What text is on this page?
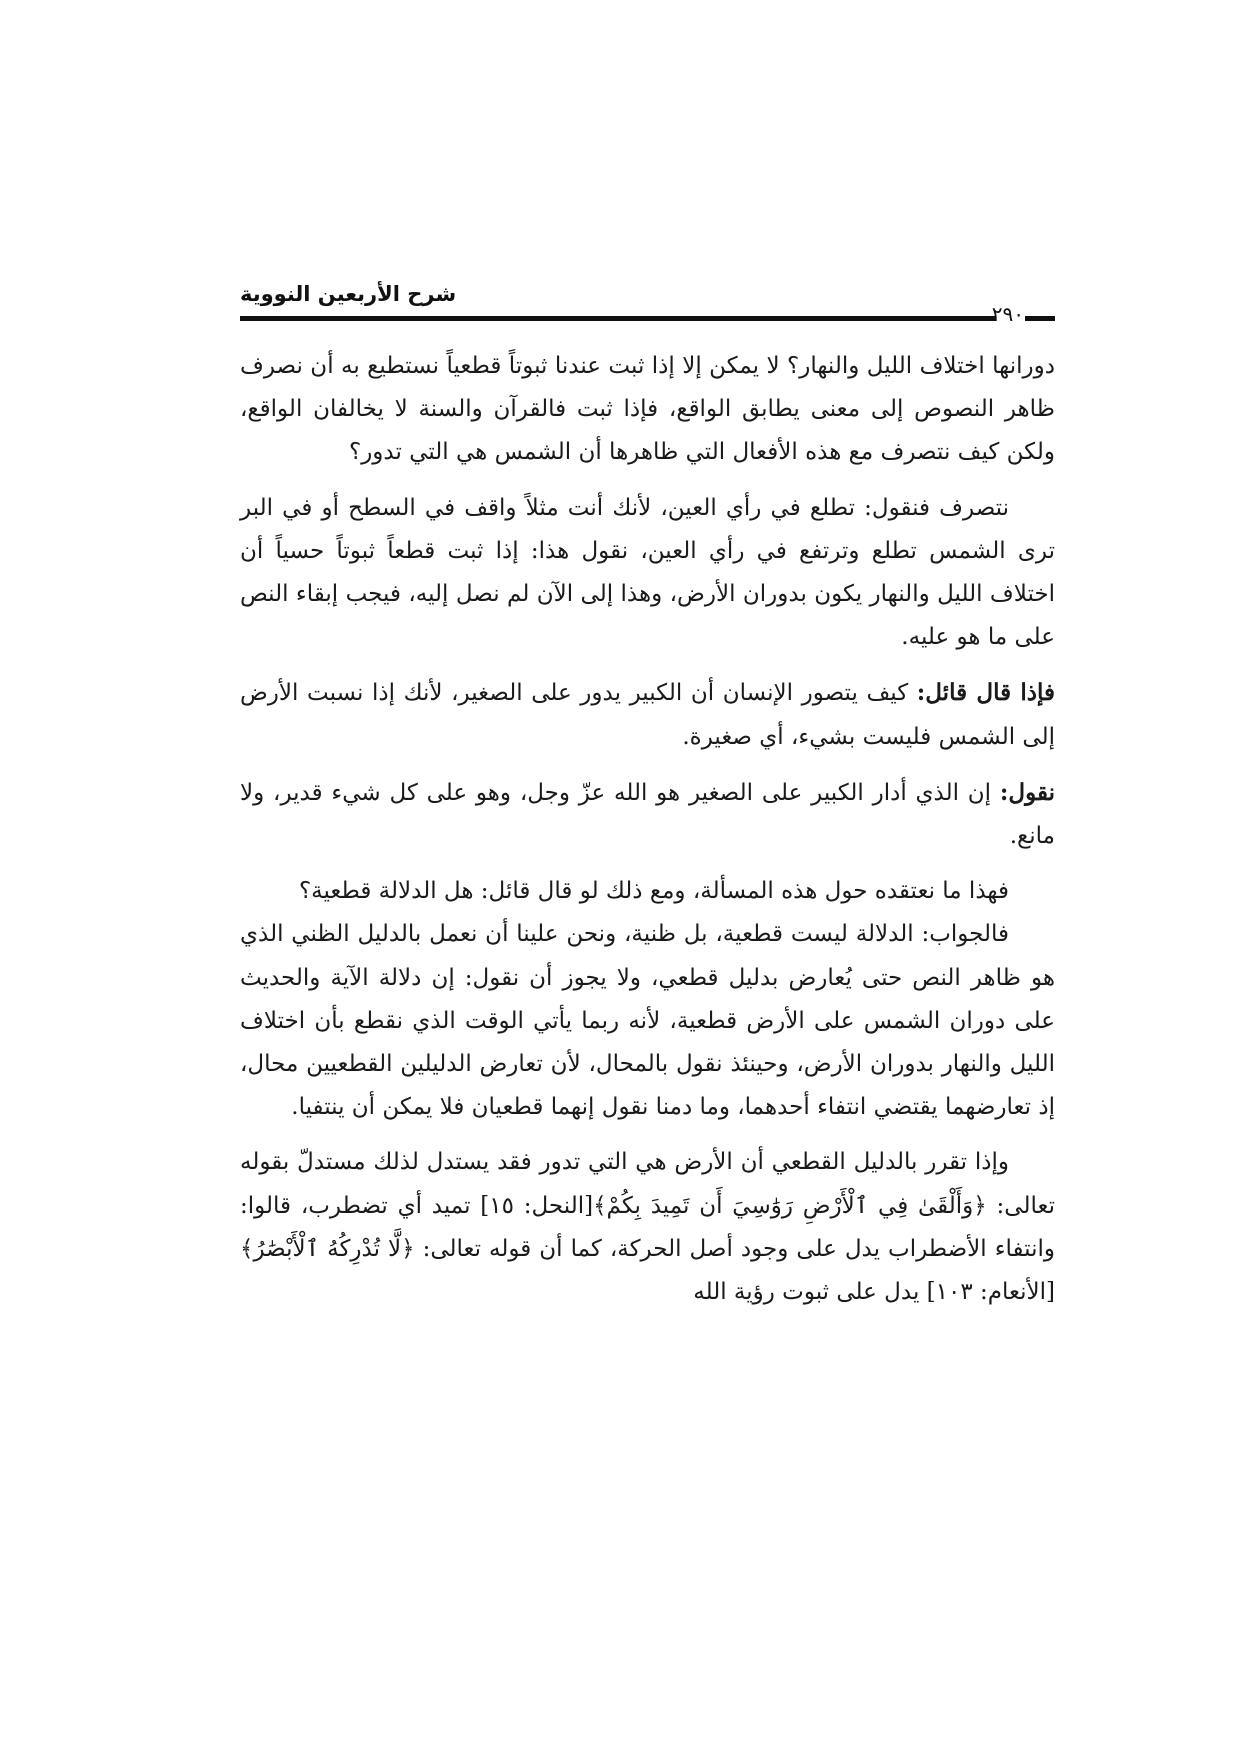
شرح الأربعين النووية
٢٩٠

دورانها اختلاف الليل والنهار؟ لا يمكن إلا إذا ثبت عندنا ثبوتاً قطعياً نستطيع به أن نصرف ظاهر النصوص إلى معنى يطابق الواقع، فإذا ثبت فالقرآن والسنة لا يخالفان الواقع، ولكن كيف نتصرف مع هذه الأفعال التي ظاهرها أن الشمس هي التي تدور؟

نتصرف فنقول: تطلع في رأي العين، لأنك أنت مثلاً واقف في السطح أو في البر ترى الشمس تطلع وترتفع في رأي العين، نقول هذا: إذا ثبت قطعاً ثبوتاً حسياً أن اختلاف الليل والنهار يكون بدوران الأرض، وهذا إلى الآن لم نصل إليه، فيجب إبقاء النص على ما هو عليه.

فإذا قال قائل: كيف يتصور الإنسان أن الكبير يدور على الصغير، لأنك إذا نسبت الأرض إلى الشمس فليست بشيء، أي صغيرة.

نقول: إن الذي أدار الكبير على الصغير هو الله عزّ وجل، وهو على كل شيء قدير، ولا مانع.

فهذا ما نعتقده حول هذه المسألة، ومع ذلك لو قال قائل: هل الدلالة قطعية؟

فالجواب: الدلالة ليست قطعية، بل ظنية، ونحن علينا أن نعمل بالدليل الظني الذي هو ظاهر النص حتى يُعارض بدليل قطعي، ولا يجوز أن نقول: إن دلالة الآية والحديث على دوران الشمس على الأرض قطعية، لأنه ربما يأتي الوقت الذي نقطع بأن اختلاف الليل والنهار بدوران الأرض، وحينئذ نقول بالمحال، لأن تعارض الدليلين القطعيين محال، إذ تعارضهما يقتضي انتفاء أحدهما، وما دمنا نقول إنهما قطعيان فلا يمكن أن ينتفيا.

وإذا تقرر بالدليل القطعي أن الأرض هي التي تدور فقد يستدل لذلك مستدلّ بقوله تعالى: ﴿وَأَلْقَىٰ فِي ٱلْأَرْضِ رَوَٰسِيَ أَن تَمِيدَ بِكُمْ﴾[النحل: ١٥] تميد أي تضطرب، قالوا: وانتفاء الأضطراب يدل على وجود أصل الحركة، كما أن قوله تعالى: ﴿لَّا تُدْرِكُهُ ٱلْأَبْصَٰرُ﴾ [الأنعام: ١٠٣] يدل على ثبوت رؤية الله
